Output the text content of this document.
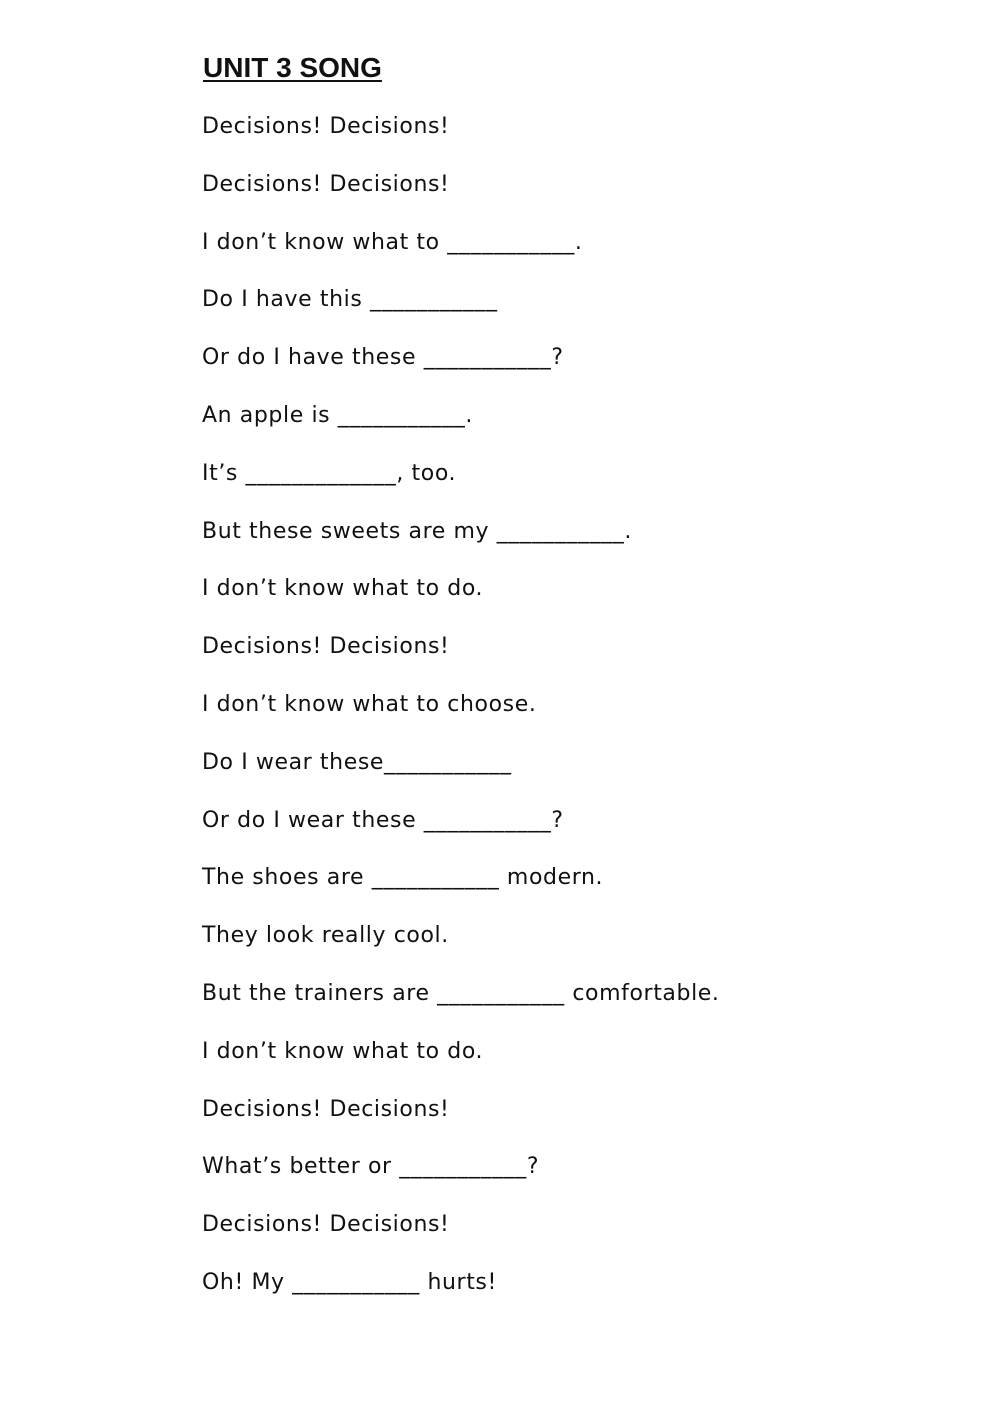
UNIT 3 SONG
Decisions! Decisions!
Decisions! Decisions!
I don’t know what to ___________.
Do I have this ___________
Or do I have these ___________?
An apple is ___________.
It’s _____________, too.
But these sweets are my ___________.
I don’t know what to do.
Decisions! Decisions!
I don’t know what to choose.
Do I wear these___________
Or do I wear these ___________?
The shoes are ___________ modern.
They look really cool.
But the trainers are ___________ comfortable.
I don’t know what to do.
Decisions! Decisions!
What’s better or ___________?
Decisions! Decisions!
Oh! My ___________ hurts!
